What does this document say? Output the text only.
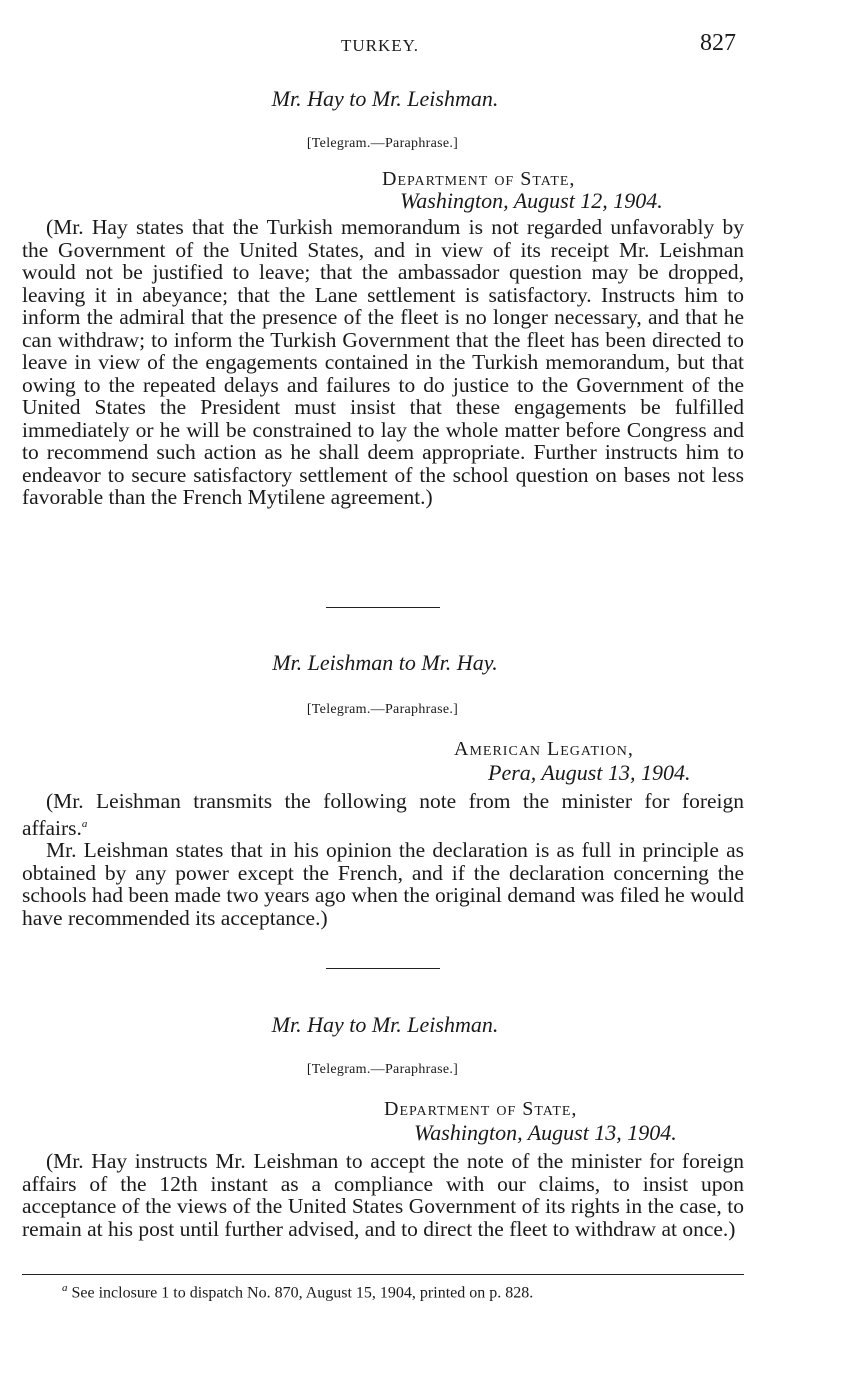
TURKEY.	827
Mr. Hay to Mr. Leishman.
[Telegram.—Paraphrase.]
Department of State,
Washington, August 12, 1904.

(Mr. Hay states that the Turkish memorandum is not regarded unfavorably by the Government of the United States, and in view of its receipt Mr. Leishman would not be justified to leave; that the ambassador question may be dropped, leaving it in abeyance; that the Lane settlement is satisfactory. Instructs him to inform the admiral that the presence of the fleet is no longer necessary, and that he can withdraw; to inform the Turkish Government that the fleet has been directed to leave in view of the engagements contained in the Turkish memorandum, but that owing to the repeated delays and failures to do justice to the Government of the United States the President must insist that these engagements be fulfilled immediately or he will be constrained to lay the whole matter before Congress and to recommend such action as he shall deem appropriate. Further instructs him to endeavor to secure satisfactory settlement of the school question on bases not less favorable than the French Mytilene agreement.)

Mr. Leishman to Mr. Hay.
[Telegram.—Paraphrase.]
American Legation,
Pera, August 13, 1904.

(Mr. Leishman transmits the following note from the minister for foreign affairs.$^a$

Mr. Leishman states that in his opinion the declaration is as full in principle as obtained by any power except the French, and if the declaration concerning the schools had been made two years ago when the original demand was filed he would have recommended its acceptance.)

Mr. Hay to Mr. Leishman.
[Telegram.—Paraphrase.]
Department of State,
Washington, August 13, 1904.

(Mr. Hay instructs Mr. Leishman to accept the note of the minister for foreign affairs of the 12th instant as a compliance with our claims, to insist upon acceptance of the views of the United States Government of its rights in the case, to remain at his post until further advised, and to direct the fleet to withdraw at once.)

$^a$ See inclosure 1 to dispatch No. 870, August 15, 1904, printed on p. 828.
